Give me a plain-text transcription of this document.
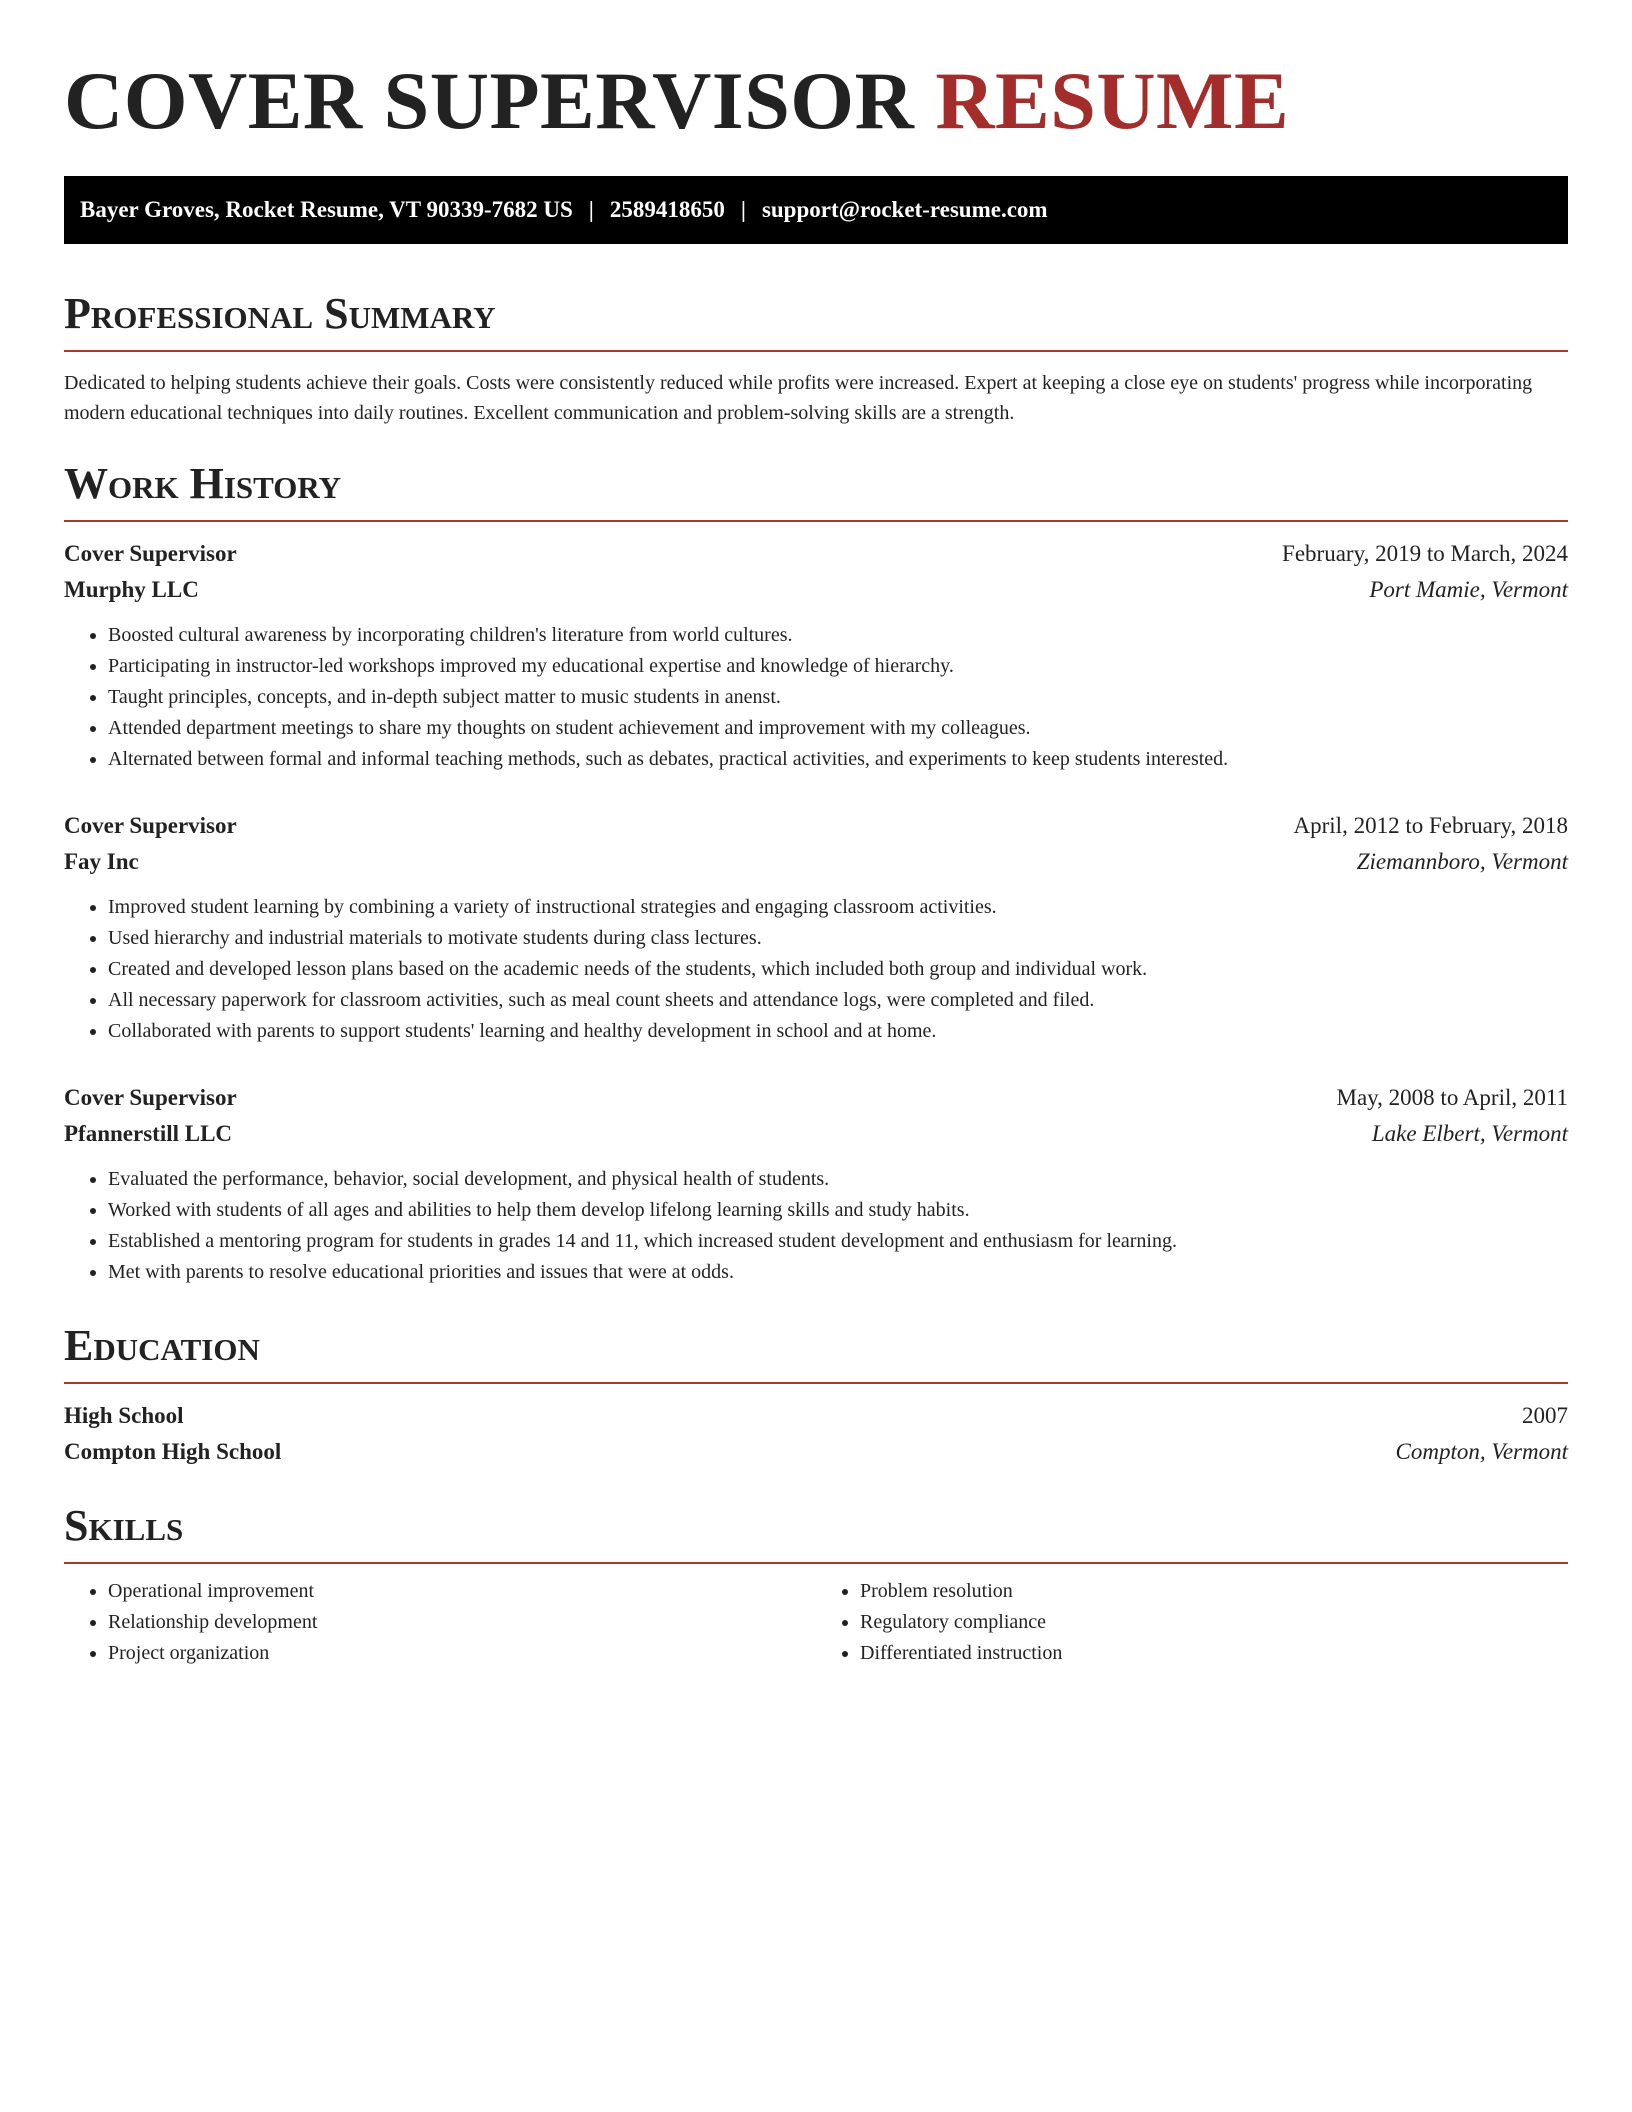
COVER SUPERVISOR RESUME
Bayer Groves, Rocket Resume, VT 90339-7682 US | 2589418650 | support@rocket-resume.com
Professional Summary
Dedicated to helping students achieve their goals. Costs were consistently reduced while profits were increased. Expert at keeping a close eye on students' progress while incorporating modern educational techniques into daily routines. Excellent communication and problem-solving skills are a strength.
Work History
Cover Supervisor	February, 2019 to March, 2024
Murphy LLC	Port Mamie, Vermont
• Boosted cultural awareness by incorporating children's literature from world cultures.
• Participating in instructor-led workshops improved my educational expertise and knowledge of hierarchy.
• Taught principles, concepts, and in-depth subject matter to music students in anenst.
• Attended department meetings to share my thoughts on student achievement and improvement with my colleagues.
• Alternated between formal and informal teaching methods, such as debates, practical activities, and experiments to keep students interested.
Cover Supervisor	April, 2012 to February, 2018
Fay Inc	Ziemannboro, Vermont
• Improved student learning by combining a variety of instructional strategies and engaging classroom activities.
• Used hierarchy and industrial materials to motivate students during class lectures.
• Created and developed lesson plans based on the academic needs of the students, which included both group and individual work.
• All necessary paperwork for classroom activities, such as meal count sheets and attendance logs, were completed and filed.
• Collaborated with parents to support students' learning and healthy development in school and at home.
Cover Supervisor	May, 2008 to April, 2011
Pfannerstill LLC	Lake Elbert, Vermont
• Evaluated the performance, behavior, social development, and physical health of students.
• Worked with students of all ages and abilities to help them develop lifelong learning skills and study habits.
• Established a mentoring program for students in grades 14 and 11, which increased student development and enthusiasm for learning.
• Met with parents to resolve educational priorities and issues that were at odds.
Education
High School	2007
Compton High School	Compton, Vermont
Skills
• Operational improvement
• Relationship development
• Project organization
• Problem resolution
• Regulatory compliance
• Differentiated instruction
